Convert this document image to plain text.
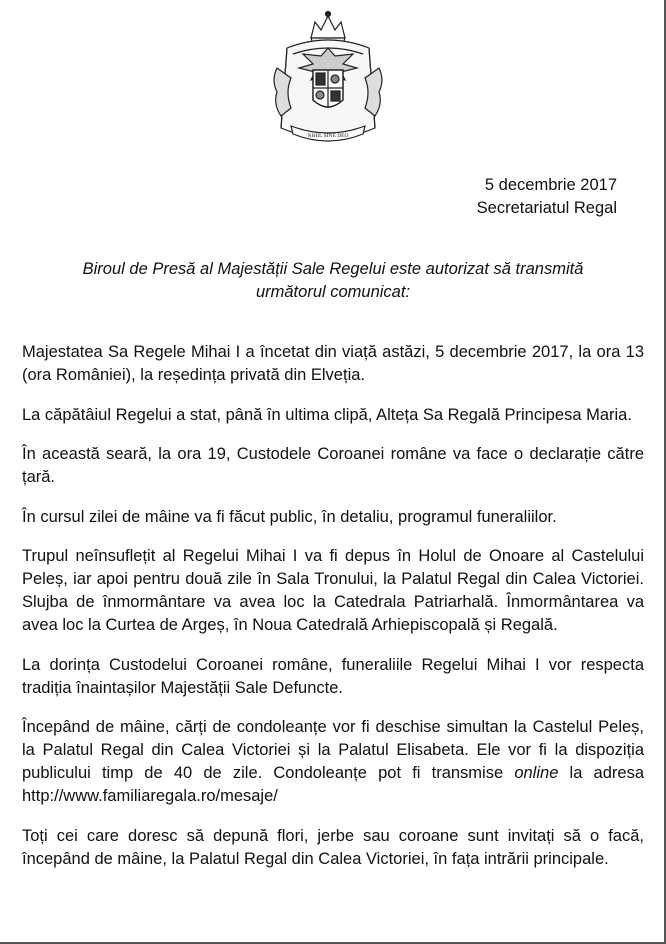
NIHIL SINE DEO
5 decembrie 2017
Secretariatul Regal
Biroul de Presă al Majestății Sale Regelui este autorizat să transmită
următorul comunicat:

Majestatea Sa Regele Mihai I a încetat din viață astăzi, 5 decembrie 2017, la ora 13 (ora României), la reședința privată din Elveția.

La căpătâiul Regelui a stat, până în ultima clipă, Alteța Sa Regală Principesa Maria.

În această seară, la ora 19, Custodele Coroanei române va face o declarație către țară.

În cursul zilei de mâine va fi făcut public, în detaliu, programul funeraliilor.

Trupul neînsuflețit al Regelui Mihai I va fi depus în Holul de Onoare al Castelului Peleș, iar apoi pentru două zile în Sala Tronului, la Palatul Regal din Calea Victoriei. Slujba de înmormântare va avea loc la Catedrala Patriarhală. Înmormântarea va avea loc la Curtea de Argeș, în Noua Catedrală Arhiepiscopală și Regală.

La dorința Custodelui Coroanei române, funeraliile Regelui Mihai I vor respecta tradiția înaintașilor Majestății Sale Defuncte.

Începând de mâine, cărți de condoleanțe vor fi deschise simultan la Castelul Peleș, la Palatul Regal din Calea Victoriei și la Palatul Elisabeta. Ele vor fi la dispoziția publicului timp de 40 de zile. Condoleanțe pot fi transmise online la adresa http://www.familiaregala.ro/mesaje/

Toți cei care doresc să depună flori, jerbe sau coroane sunt invitați să o facă, începând de mâine, la Palatul Regal din Calea Victoriei, în fața intrării principale.
